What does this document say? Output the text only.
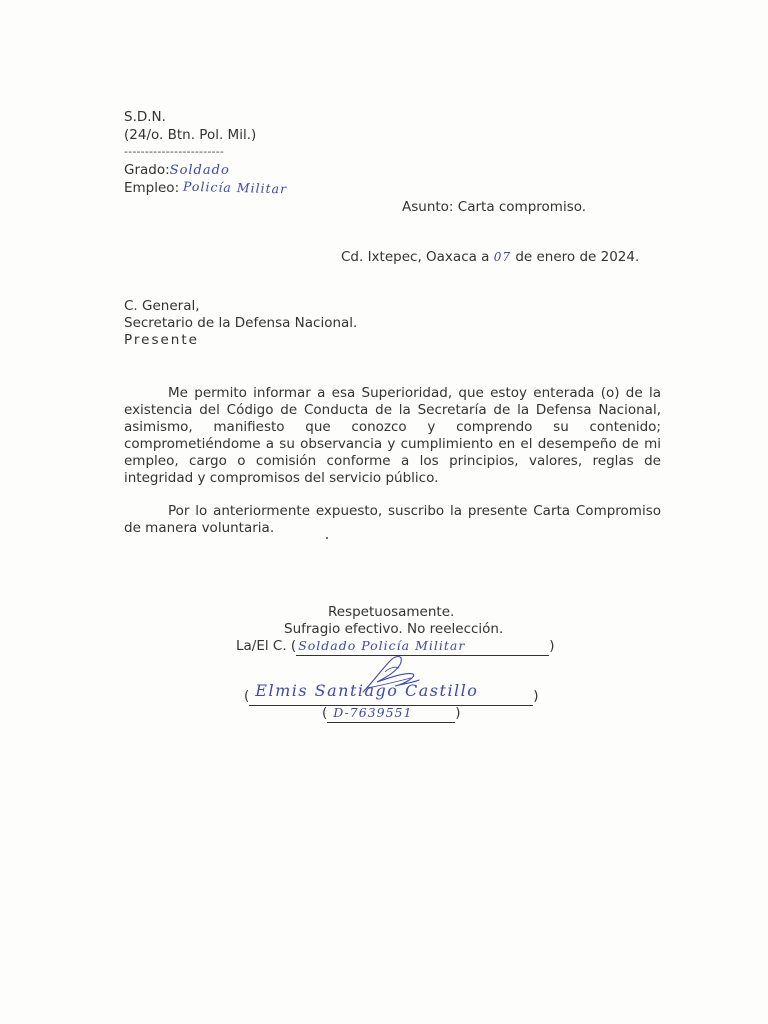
S.D.N.
(24/o. Btn. Pol. Mil.)
------------------------
Grado:Soldado
Empleo: Policía Militar
Asunto: Carta compromiso.
Cd. Ixtepec, Oaxaca a 07 de enero de 2024.
C. General,
Secretario de la Defensa Nacional.
Presente
Me permito informar a esa Superioridad, que estoy enterada (o) de la existencia del Código de Conducta de la Secretaría de la Defensa Nacional, asimismo, manifiesto que conozco y comprendo su contenido; comprometiéndome a su observancia y cumplimiento en el desempeño de mi empleo, cargo o comisión conforme a los principios, valores, reglas de integridad y compromisos del servicio público.
Por lo anteriormente expuesto, suscribo la presente Carta Compromiso de manera voluntaria.
Respetuosamente.
Sufragio efectivo. No reelección.
La/El C. ( Soldado Policía Militar	)
( Elmis Santiago Castillo	)
( D-7639551	)
